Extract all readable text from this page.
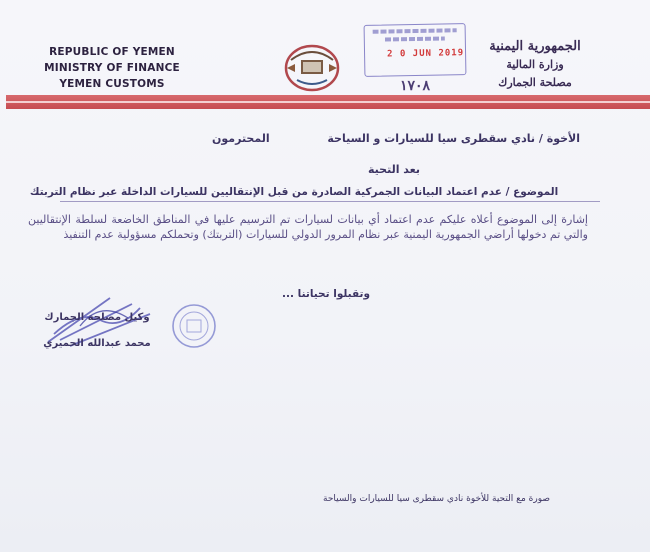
REPUBLIC OF YEMEN
MINISTRY OF FINANCE
YEMEN CUSTOMS
2 0 JUN 2019	الجمهورية اليمنية
وزارة المالية
مصلحة الجمارك
١٧٠٨
الأخوة / نادي سقطرى سيا للسيارات و السياحة
المحترمون
بعد التحية
الموضوع / عدم اعتماد البيانات الجمركية الصادرة من قبل الإنتقاليين للسيارات الداخلة عبر نظام التربتك
إشارة إلى الموضوع أعلاه عليكم عدم اعتماد أي بيانات لسيارات تم الترسيم عليها في المناطق الخاضعة لسلطة الإنتقاليين والتي تم دخولها أراضي الجمهورية اليمنية عبر نظام المرور الدولي للسيارات (التربتك) وتحملكم مسؤولية عدم التنفيذ
وتقبلوا تحياتنا ...
وكيل مصلحة الجمارك
محمد عبدالله الحميري
صورة مع التحية للأخوة نادي سقطرى سيا للسيارات والسياحة
